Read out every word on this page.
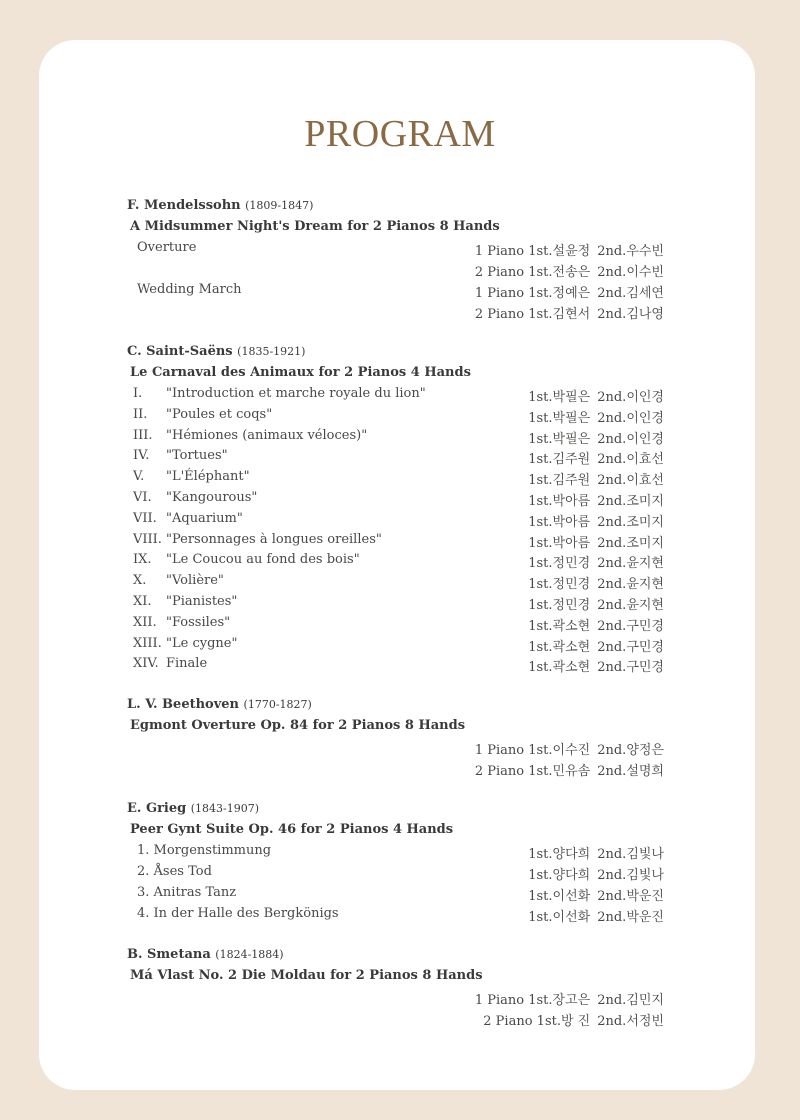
PROGRAM
F. Mendelssohn (1809-1847)
A Midsummer Night's Dream for 2 Pianos 8 Hands
Overture	1 Piano 1st.설윤정 2nd.우수빈
2 Piano 1st.전송은 2nd.이수빈
Wedding March	1 Piano 1st.정예은 2nd.김세연
2 Piano 1st.김현서 2nd.김나영
C. Saint-Saëns (1835-1921)
Le Carnaval des Animaux for 2 Pianos 4 Hands
I. "Introduction et marche royale du lion"	1st.박필은 2nd.이인경
II. "Poules et coqs"	1st.박필은 2nd.이인경
III. "Hémiones (animaux véloces)"	1st.박필은 2nd.이인경
IV. "Tortues"	1st.김주원 2nd.이효선
V. "L'Éléphant"	1st.김주원 2nd.이효선
VI. "Kangourous"	1st.박아름 2nd.조미지
VII. "Aquarium"	1st.박아름 2nd.조미지
VIII. "Personnages à longues oreilles"	1st.박아름 2nd.조미지
IX. "Le Coucou au fond des bois"	1st.정민경 2nd.윤지현
X. "Volière"	1st.정민경 2nd.윤지현
XI. "Pianistes"	1st.정민경 2nd.윤지현
XII. "Fossiles"	1st.곽소현 2nd.구민경
XIII. "Le cygne"	1st.곽소현 2nd.구민경
XIV. Finale	1st.곽소현 2nd.구민경
L. V. Beethoven (1770-1827)
Egmont Overture Op. 84 for 2 Pianos 8 Hands
1 Piano 1st.이수진 2nd.양정은
2 Piano 1st.민유솜 2nd.설명희
E. Grieg (1843-1907)
Peer Gynt Suite Op. 46 for 2 Pianos 4 Hands
1. Morgenstimmung	1st.양다희 2nd.김빛나
2. Åses Tod	1st.양다희 2nd.김빛나
3. Anitras Tanz	1st.이선화 2nd.박운진
4. In der Halle des Bergkönigs	1st.이선화 2nd.박운진
B. Smetana (1824-1884)
Má Vlast No. 2 Die Moldau for 2 Pianos 8 Hands
1 Piano 1st.장고은 2nd.김민지
2 Piano 1st.방 진 2nd.서정빈
